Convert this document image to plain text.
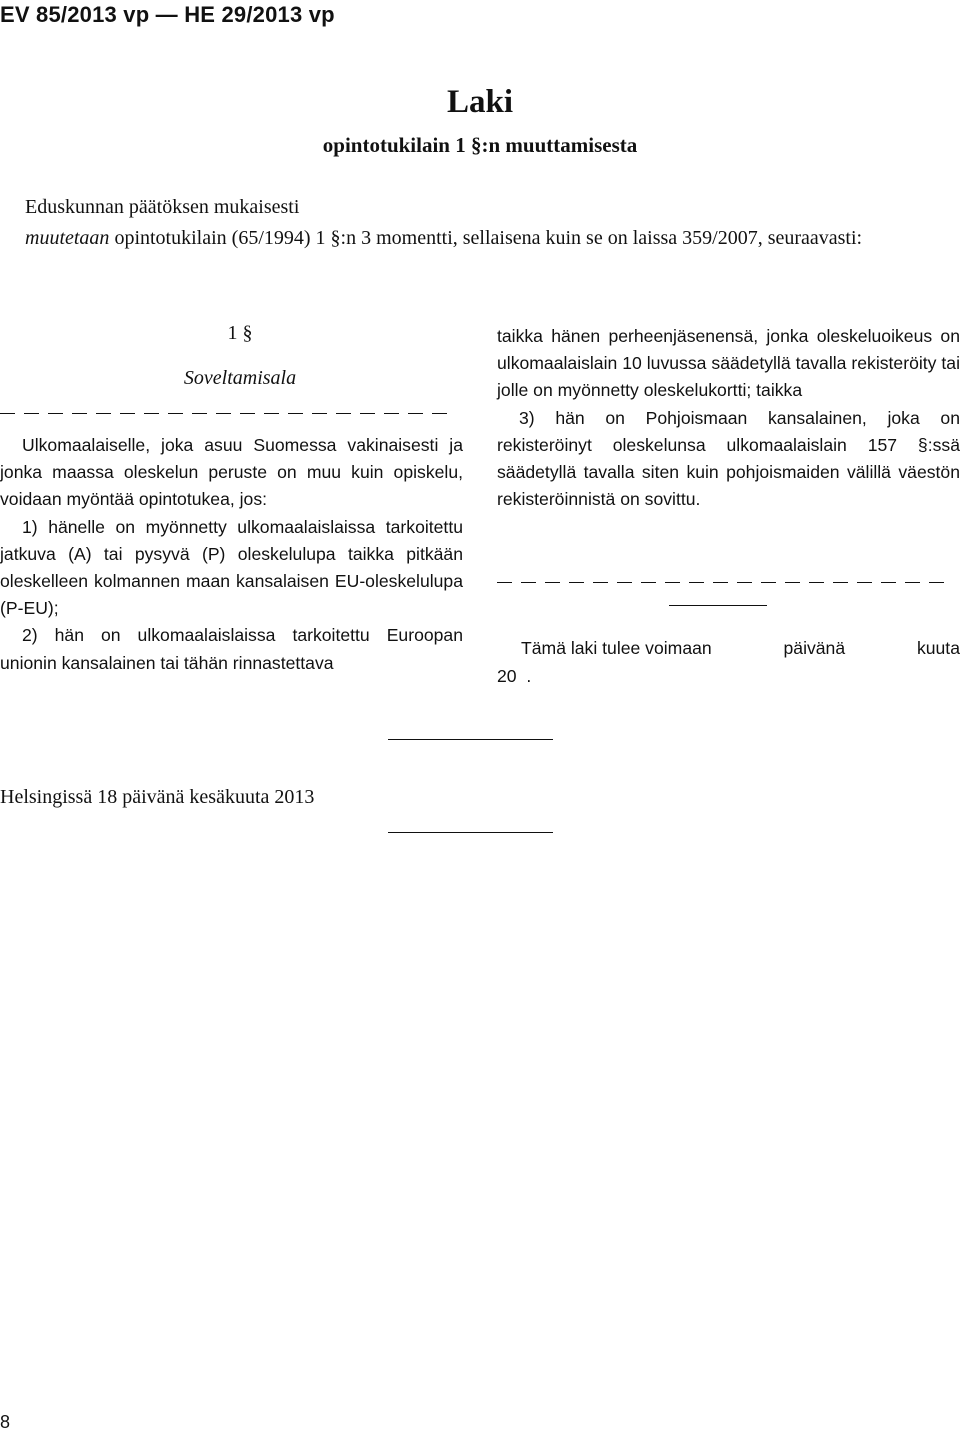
EV 85/2013 vp — HE 29/2013 vp

Laki
opintotukilain 1 §:n muuttamisesta

Eduskunnan päätöksen mukaisesti

muutetaan opintotukilain (65/1994) 1 §:n 3 momentti, sellaisena kuin se on laissa 359/2007, seuraavasti:

1 §

Soveltamisala

Ulkomaalaiselle, joka asuu Suomessa vakinaisesti ja jonka maassa oleskelun peruste on muu kuin opiskelu, voidaan myöntää opintotukea, jos:

1) hänelle on myönnetty ulkomaalaislaissa tarkoitettu jatkuva (A) tai pysyvä (P) oleskelulupa taikka pitkään oleskelleen kolmannen maan kansalaisen EU-oleskelulupa (P-EU);

2) hän on ulkomaalaislaissa tarkoitettu Euroopan unionin kansalainen tai tähän rinnastettava

taikka hänen perheenjäsenensä, jonka oleskeluoikeus on ulkomaalaislain 10 luvussa säädetyllä tavalla rekisteröity tai jolle on myönnetty oleskelukortti; taikka

3) hän on Pohjoismaan kansalainen, joka on rekisteröinyt oleskelunsa ulkomaalaislain 157 §:ssä säädetyllä tavalla siten kuin pohjoismaiden välillä väestön rekisteröinnistä on sovittu.

Tämä laki tulee voimaan	päivänä	kuuta
20  .

Helsingissä 18 päivänä kesäkuuta 2013

8
